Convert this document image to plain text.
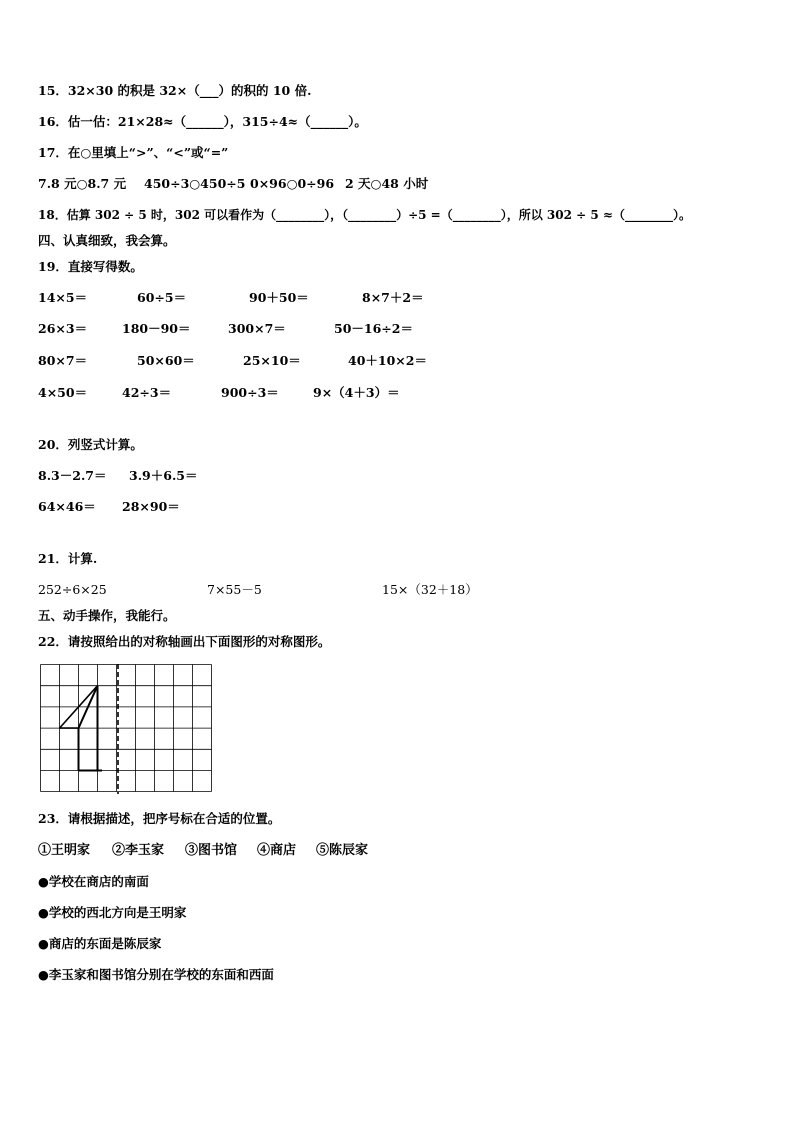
15．32×30 的积是 32×（___）的积的 10 倍.
16．估一估：21×28≈（______），315÷4≈（______）。
17．在○里填上“>”、“<”或“=”
7.8 元○8.7 元 450÷3○450÷5 0×96○0÷96 2 天○48 小时
18．估算 302 ÷ 5 时，302 可以看作为（________），（________）÷5 =（________），所以 302 ÷ 5 ≈（________）。
四、认真细致，我会算。
19．直接写得数。
14×5＝	60÷5＝	90＋50＝	8×7＋2＝
26×3＝	180－90＝	300×7＝	50－16÷2＝
80×7＝	50×60＝	25×10＝	40＋10×2＝
4×50＝	42÷3＝	900÷3＝	9×（4＋3）＝
20．列竖式计算。
8.3－2.7＝ 3.9＋6.5＝
64×46＝ 28×90＝
21．计算.
252÷6×25	7×55－5	15×（32＋18）
五、动手操作，我能行。
22．请按照给出的对称轴画出下面图形的对称图形。
23．请根据描述，把序号标在合适的位置。
①王明家 ②李玉家 ③图书馆 ④商店 ⑤陈辰家
●学校在商店的南面
●学校的西北方向是王明家
●商店的东面是陈辰家
●李玉家和图书馆分别在学校的东面和西面
